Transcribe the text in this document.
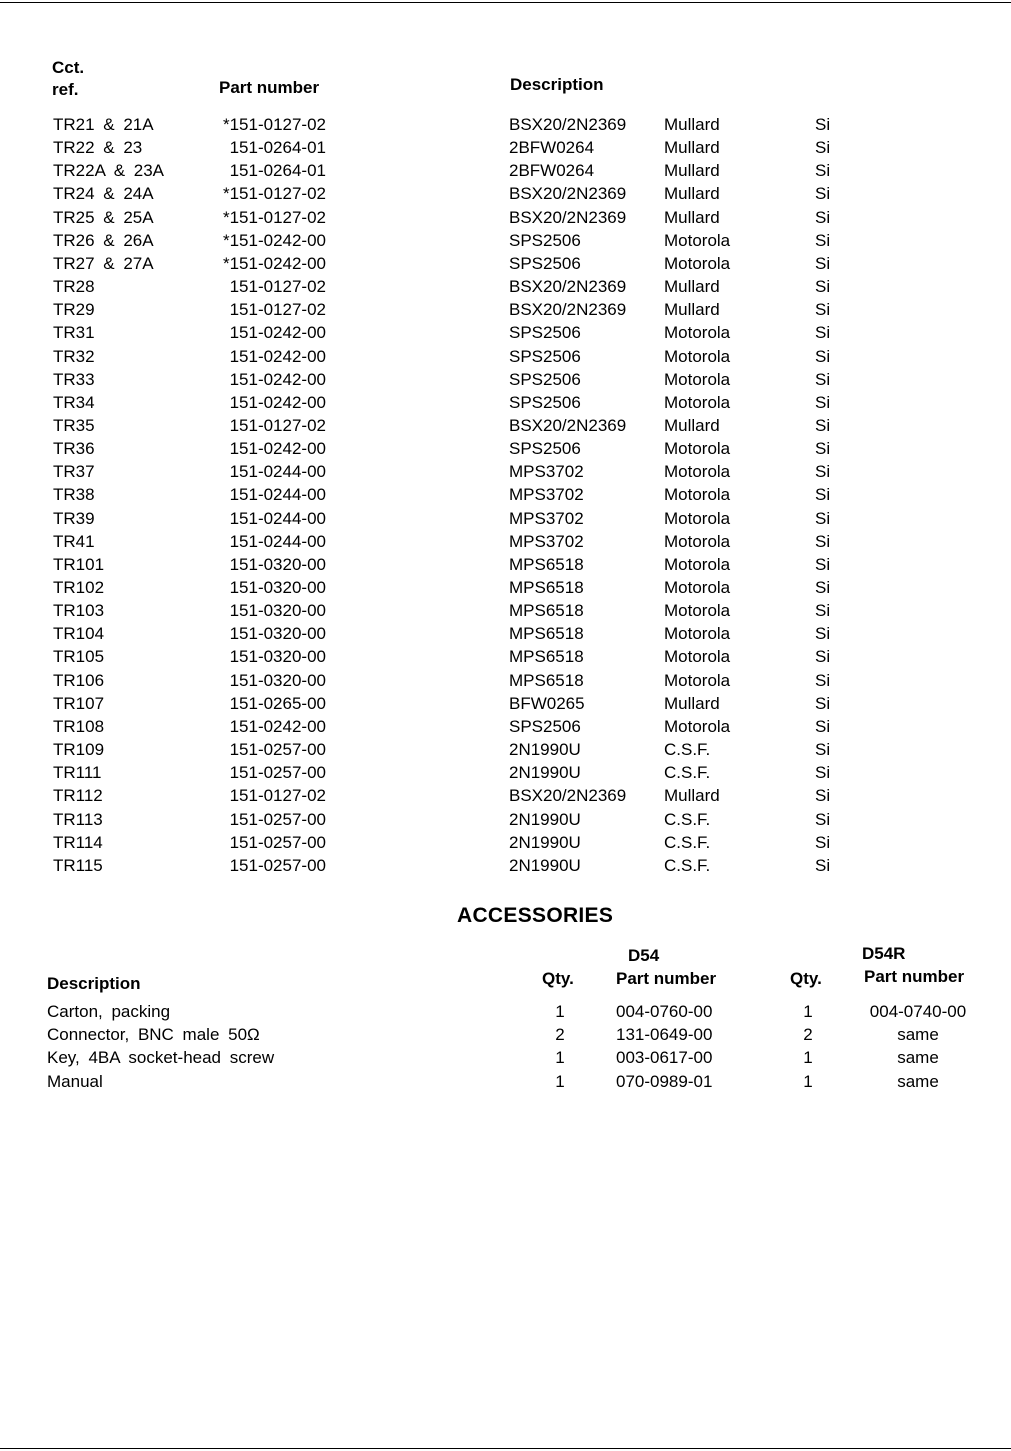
Cct.
ref.	Part number	Description
TR21 & 21A	*151-0127-02	BSX20/2N2369 Mullard	Si
TR22 & 23	151-0264-01	2BFW0264	Mullard	Si
TR22A & 23A	151-0264-01	2BFW0264	Mullard	Si
TR24 & 24A	*151-0127-02	BSX20/2N2369 Mullard	Si
TR25 & 25A	*151-0127-02	BSX20/2N2369 Mullard	Si
TR26 & 26A	*151-0242-00	SPS2506	Motorola	Si
TR27 & 27A	*151-0242-00	SPS2506	Motorola	Si
TR28	151-0127-02	BSX20/2N2369 Mullard	Si
TR29	151-0127-02	BSX20/2N2369 Mullard	Si
TR31	151-0242-00	SPS2506	Motorola	Si
TR32	151-0242-00	SPS2506	Motorola	Si
TR33	151-0242-00	SPS2506	Motorola	Si
TR34	151-0242-00	SPS2506	Motorola	Si
TR35	151-0127-02	BSX20/2N2369 Mullard	Si
TR36	151-0242-00	SPS2506	Motorola	Si
TR37	151-0244-00	MPS3702	Motorola	Si
TR38	151-0244-00	MPS3702	Motorola	Si
TR39	151-0244-00	MPS3702	Motorola	Si
TR41	151-0244-00	MPS3702	Motorola	Si
TR101	151-0320-00	MPS6518	Motorola	Si
TR102	151-0320-00	MPS6518	Motorola	Si
TR103	151-0320-00	MPS6518	Motorola	Si
TR104	151-0320-00	MPS6518	Motorola	Si
TR105	151-0320-00	MPS6518	Motorola	Si
TR106	151-0320-00	MPS6518	Motorola	Si
TR107	151-0265-00	BFW0265	Mullard	Si
TR108	151-0242-00	SPS2506	Motorola	Si
TR109	151-0257-00	2N1990U	C.S.F.	Si
TR111	151-0257-00	2N1990U	C.S.F.	Si
TR112	151-0127-02	BSX20/2N2369 Mullard	Si
TR113	151-0257-00	2N1990U	C.S.F.	Si
TR114	151-0257-00	2N1990U	C.S.F.	Si
TR115	151-0257-00	2N1990U	C.S.F.	Si
ACCESSORIES
D54	D54R
Description	Qty. Part number	Qty. Part number
Carton, packing	1	004-0760-00	1	004-0740-00
Connector, BNC male 50Ω	2	131-0649-00	2	same
Key, 4BA socket-head screw	1	003-0617-00	1	same
Manual	1	070-0989-01	1	same
